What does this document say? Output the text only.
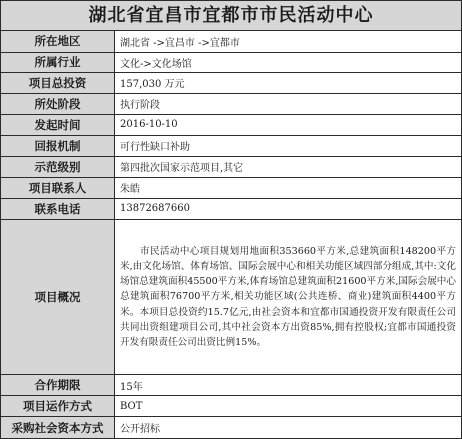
湖北省宜昌市宜都市市民活动中心
所在地区	湖北省 ->宜昌市 ->宜都市
所属行业	文化->文化场馆
项目总投资	157,030 万元
所处阶段	执行阶段
发起时间	2016-10-10
回报机制	可行性缺口补助
示范级别	第四批次国家示范项目,其它
项目联系人	朱皓
联系电话	13872687660
项目概况	市民活动中心项目规划用地面积353660平方米,总建筑面积148200平方米,由文化场馆、体育场馆、国际会展中心和相关功能区域四部分组成,其中:文化场馆总建筑面积45500平方米,体育场馆总建筑面积21600平方米,国际会展中心总建筑面积76700平方米,相关功能区域(公共连桥、商业)建筑面积4400平方米。本项目总投资约15.7亿元,由社会资本和宜都市国通投资开发有限责任公司共同出资组建项目公司,其中社会资本方出资85%,拥有控股权;宜都市国通投资开发有限责任公司出资比例15%。
合作期限	15年
项目运作方式	BOT
采购社会资本方式	公开招标
